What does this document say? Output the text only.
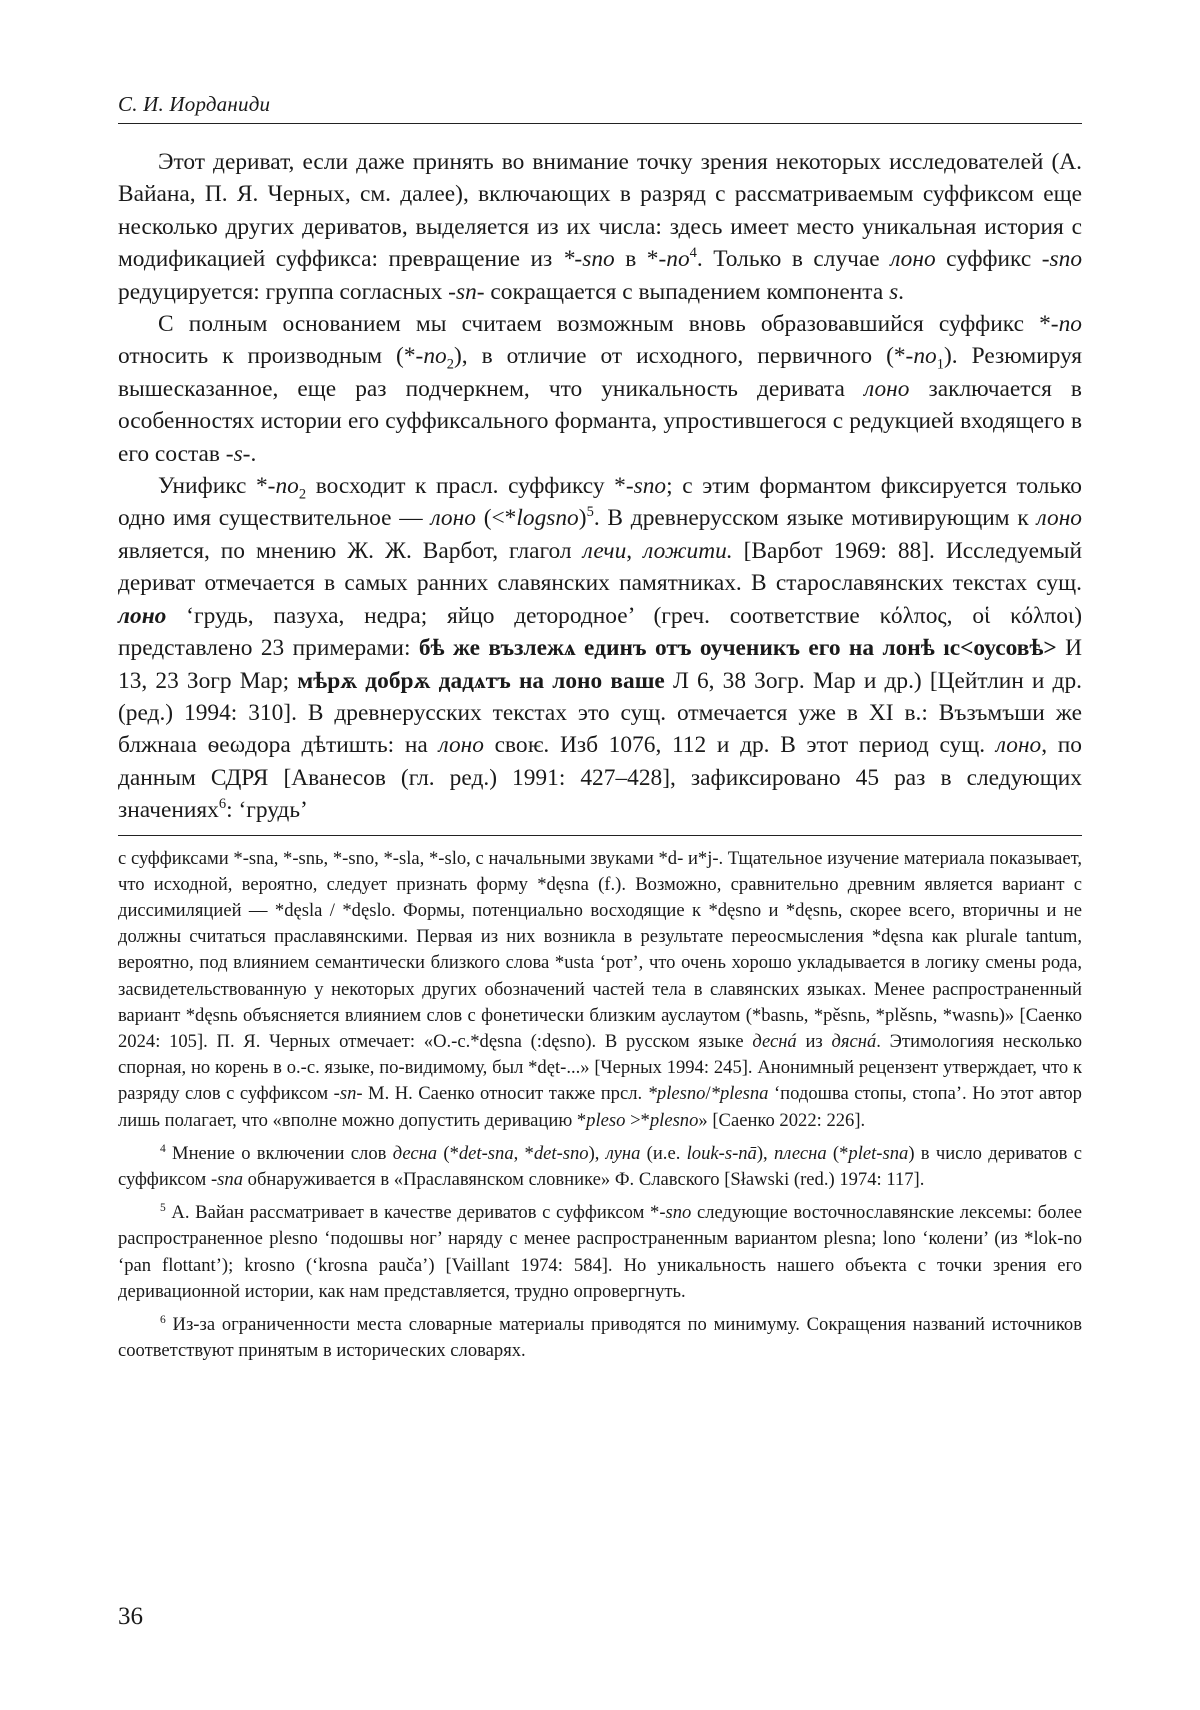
С. И. Иорданиди

Этот дериват, если даже принять во внимание точку зрения некоторых исследователей (А. Вайана, П. Я. Черных, см. далее), включающих в разряд с рассматриваемым суффиксом еще несколько других дериватов, выделяется из их числа: здесь имеет место уникальная история с модификацией суффикса: превращение из *-sno в $*-no^4$. Только в случае лоно суффикс -sno редуцируется: группа согласных -sn- сокращается с выпадением компонента s.

С полным основанием мы считаем возможным вновь образовавшийся суффикс *-no относить к производным $(*-no_2)$, в отличие от исходного, первичного $(*-no_1)$. Резюмируя вышесказанное, еще раз подчеркнем, что уникальность деривата лоно заключается в особенностях истории его суффиксального форманта, упростившегося с редукцией входящего в его состав -s-.

Унификс $*-no_2$ восходит к прасл. суффиксу *-sno; с этим формантом фиксируется только одно имя существительное — лоно (<*logsno)$^5$. В древнерусском языке мотивирующим к лоно является, по мнению Ж. Ж. Варбот, глагол лечи, ложити. [Варбот 1969: 88]. Исследуемый дериват отмечается в самых ранних славянских памятниках. В старославянских текстах сущ. лоно ‘грудь, пазуха, недра; яйцо детородное’ (греч. соответствие κόλπος, οἱ κόλποι) представлено 23 примерами: бѣ же възлежѧ единъ отъ оученикъ его на лонѣ ıс<оусовѣ> И 13, 23 Зогр Мар; мѣрѫ добрѫ дадѧтъ на лоно ваше Л 6, 38 Зогр. Мар и др.) [Цейтлин и др. (ред.) 1994: 310]. В древнерусских текстах это сущ. отмечается уже в XI в.: Възъмъши же блжнаıа ѳеωдора дѣтишть: на лоно своѥ. Изб 1076, 112 и др. В этот период сущ. лоно, по данным СДРЯ [Аванесов (гл. ред.) 1991: 427–428], зафиксировано 45 раз в следующих значениях$^6$: ‘грудь’

с суффиксами *-sna, *-snь, *-sno, *-sla, *-slo, с начальными звуками *d- и*j-. Тщательное изучение материала показывает, что исходной, вероятно, следует признать форму *dęsna (f.). Возможно, сравнительно древним является вариант с диссимиляцией — *dęsla / *dęslo. Формы, потенциально восходящие к *dęsno и *dęsnь, скорее всего, вторичны и не должны считаться праславянскими. Первая из них возникла в результате переосмысления *dęsna как plurale tantum, вероятно, под влиянием семантически близкого слова *usta ‘рот’, что очень хорошо укладывается в логику смены рода, засвидетельствованную у некоторых других обозначений частей тела в славянских языках. Менее распространенный вариант *dęsnь объясняется влиянием слов с фонетически близким ауслаутом (*basnь, *pěsnь, *plěsnь, *wasnь)» [Саенко 2024: 105]. П. Я. Черных отмечает: «О.-с.*dęsna (:dęsno). В русском языке деснá из дяснá. Этимологияя несколько спорная, но корень в о.-с. языке, по-видимому, был *dęt-...» [Черных 1994: 245]. Анонимный рецензент утверждает, что к разряду слов с суффиксом -sn- М. Н. Саенко относит также прсл. *plesno/*plesna ‘подошва стопы, стопа’. Но этот автор лишь полагает, что «вполне можно допустить деривацию *pleso >*plesno» [Саенко 2022: 226].

$^4$ Мнение о включении слов десна (*det-sna, *det-sno), луна (и.е. louk-s-nā), плесна (*plet-sna) в число дериватов с суффиксом -sna обнаруживается в «Праславянском словнике» Ф. Славского [Sławski (red.) 1974: 117].

$^5$ А. Вайан рассматривает в качестве дериватов с суффиксом *-sno следующие восточнославянские лексемы: более распространенное plesno ‘подошвы ног’ наряду с менее распространенным вариантом plesna; lono ‘колени’ (из *lok-no ‘pan flottant’); krosno (‘krosna pauča’) [Vaillant 1974: 584]. Но уникальность нашего объекта с точки зрения его деривационной истории, как нам представляется, трудно опровергнуть.

$^6$ Из-за ограниченности места словарные материалы приводятся по минимуму. Сокращения названий источников соответствуют принятым в исторических словарях.

36
